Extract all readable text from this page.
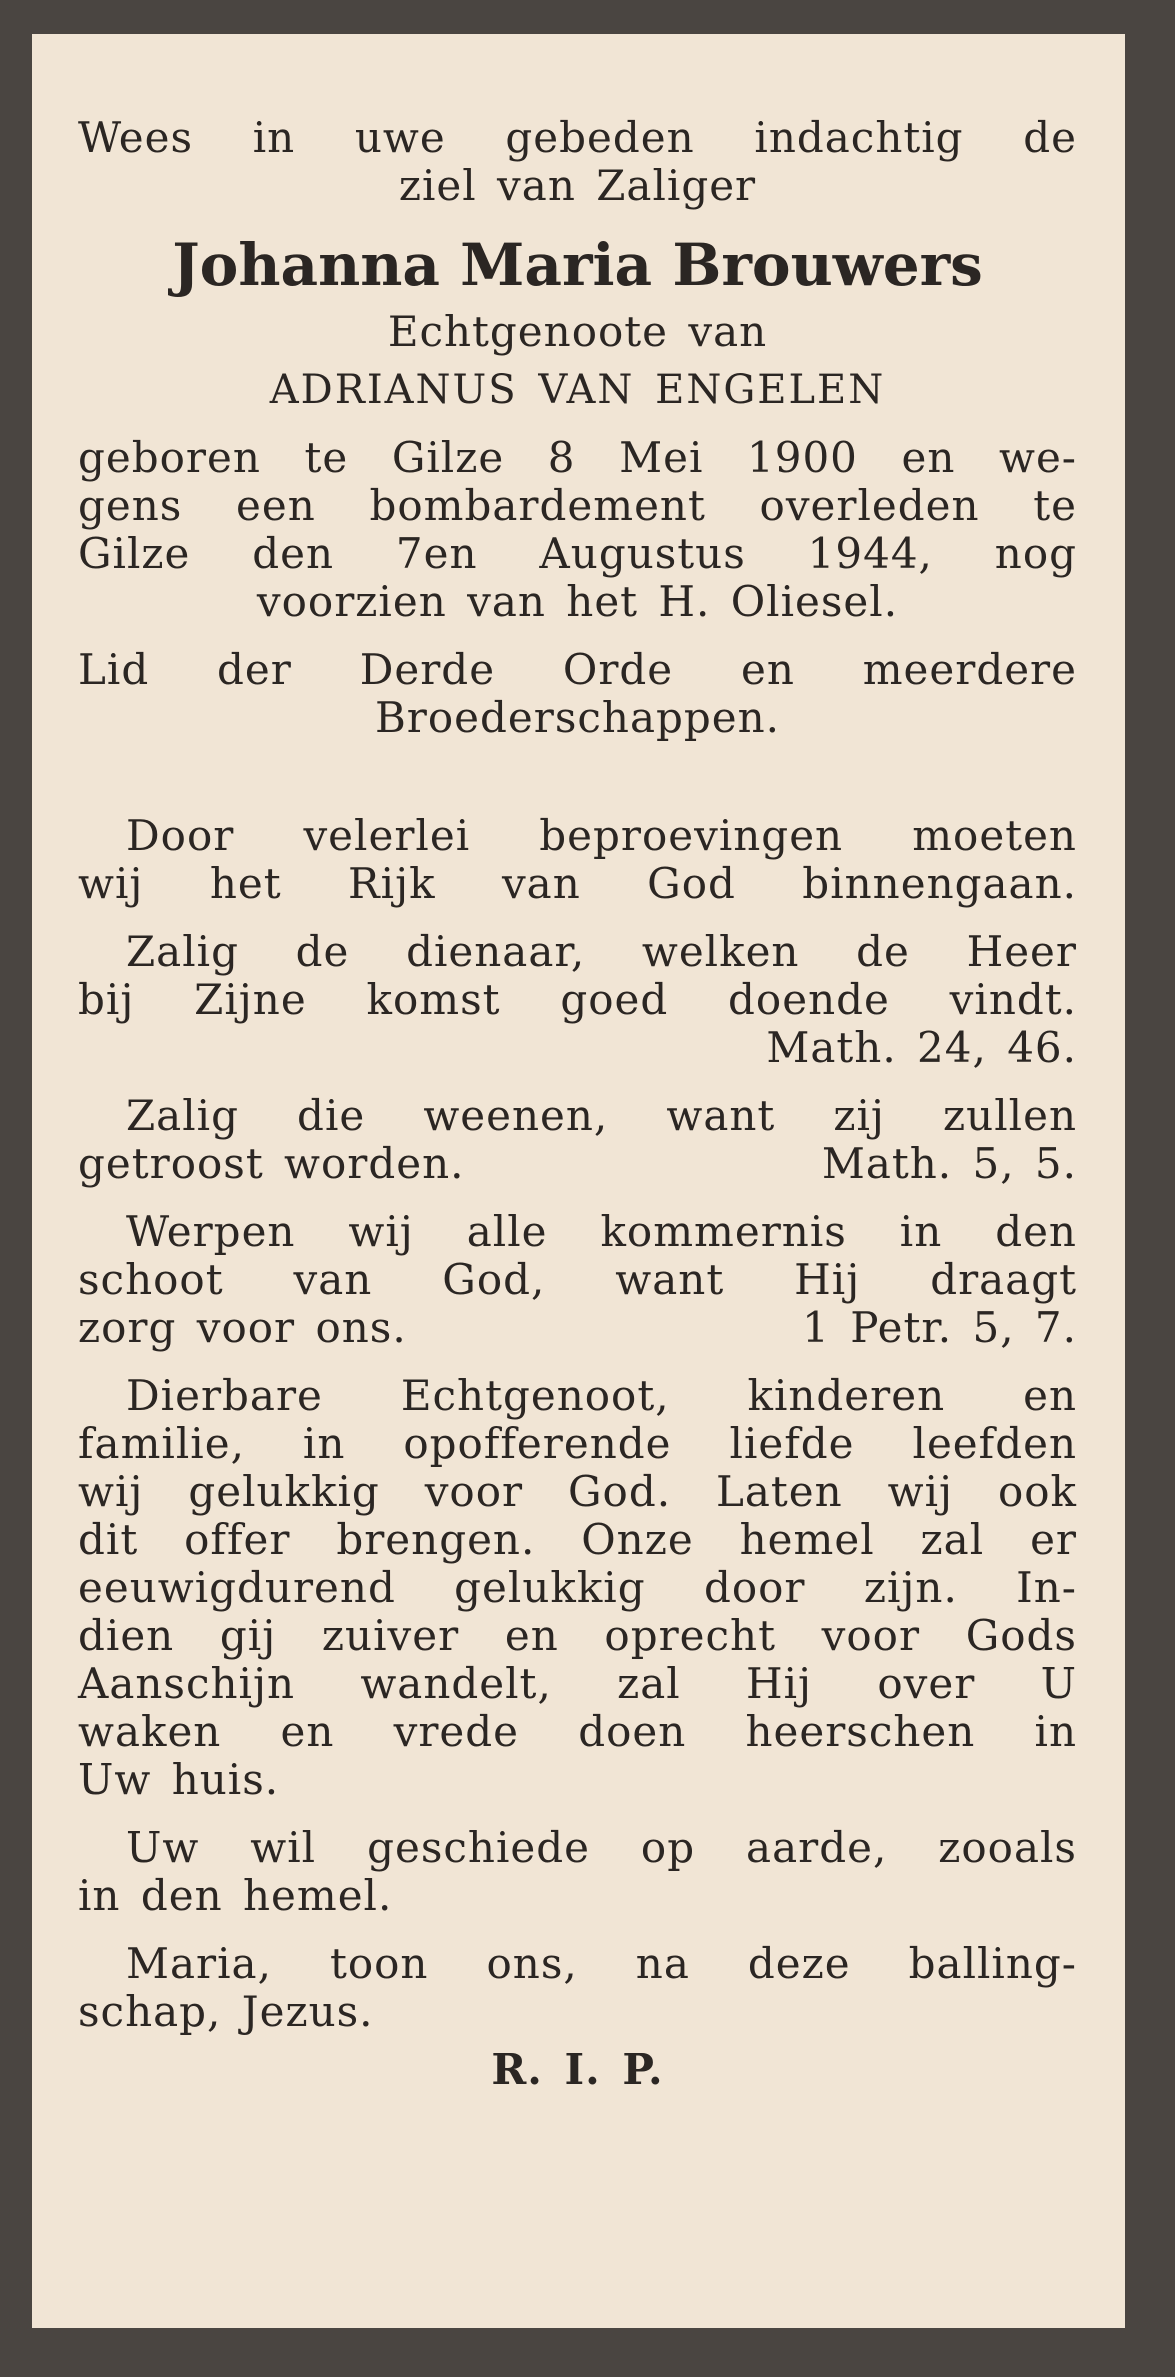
Wees in uwe gebeden indachtig de
ziel van Zaliger
Johanna Maria Brouwers
Echtgenoote van
ADRIANUS VAN ENGELEN
geboren te Gilze 8 Mei 1900 en we-
gens een bombardement overleden te
Gilze den 7en Augustus 1944, nog
voorzien van het H. Oliesel.
Lid der Derde Orde en meerdere
Broederschappen.
Door velerlei beproevingen moeten
wij het Rijk van God binnengaan.
Zalig de dienaar, welken de Heer
bij Zijne komst goed doende vindt.
Math. 24, 46.
Zalig die weenen, want zij zullen
getroost worden.	Math. 5, 5.
Werpen wij alle kommernis in den
schoot van God, want Hij draagt
zorg voor ons.	1 Petr. 5, 7.
Dierbare Echtgenoot, kinderen en
familie, in opofferende liefde leefden
wij gelukkig voor God. Laten wij ook
dit offer brengen. Onze hemel zal er
eeuwigdurend gelukkig door zijn. In-
dien gij zuiver en oprecht voor Gods
Aanschijn wandelt, zal Hij over U
waken en vrede doen heerschen in
Uw huis.
Uw wil geschiede op aarde, zooals
in den hemel.
Maria, toon ons, na deze balling-
schap, Jezus.
R. I. P.
